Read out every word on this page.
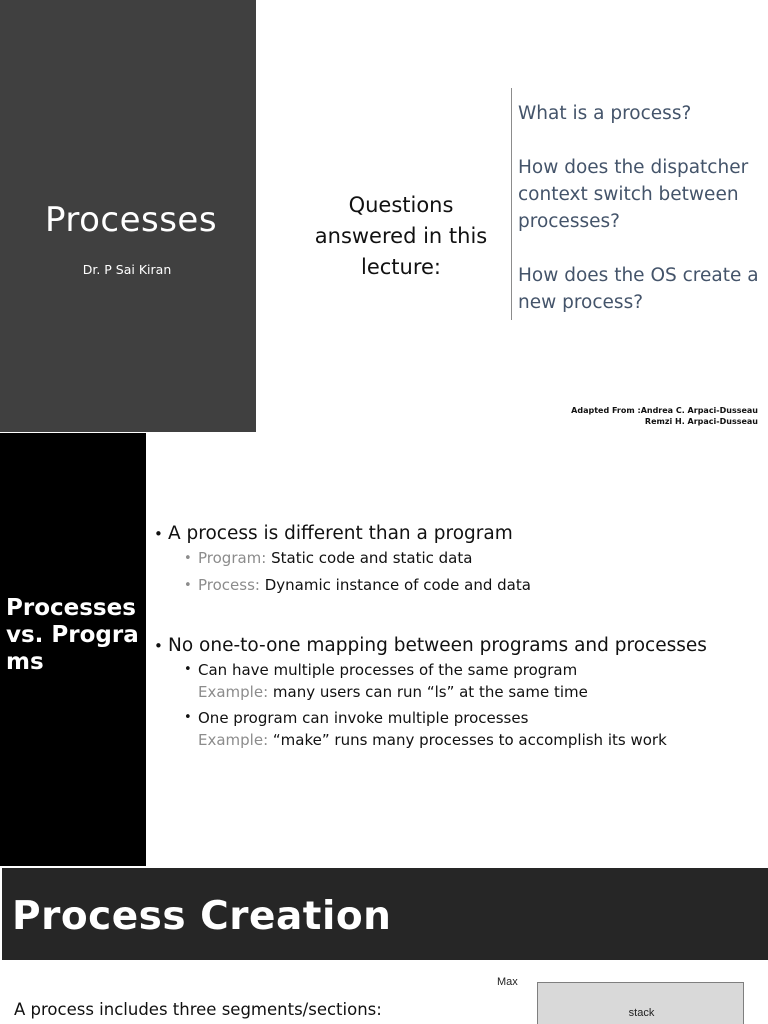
Processes
Dr. P Sai Kiran
Questions answered in this lecture:
What is a process?
How does the dispatcher context switch between processes?
How does the OS create a new process?
Adapted From :Andrea C. Arpaci-Dusseau
Remzi H. Arpaci-Dusseau
Processes vs. Programs
• A process is different than a program
• Program: Static code and static data
• Process: Dynamic instance of code and data
• No one-to-one mapping between programs and processes
• Can have multiple processes of the same program
Example: many users can run “ls” at the same time
• One program can invoke multiple processes
Example: “make” runs many processes to accomplish its work
Process Creation
A process includes three segments/sections:
Max
stack
